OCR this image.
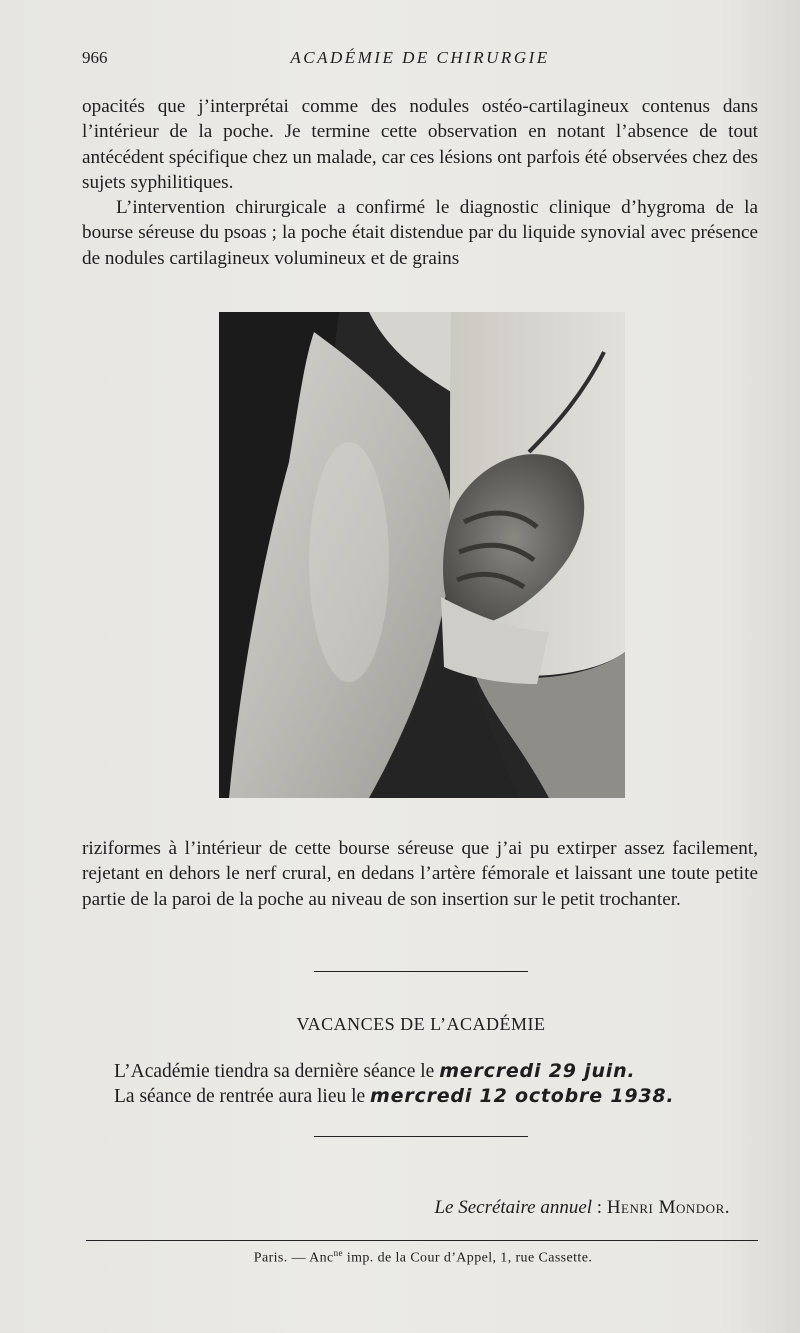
966	ACADÉMIE DE CHIRURGIE

opacités que j’interprétai comme des nodules ostéo-cartilagineux contenus dans l’intérieur de la poche. Je termine cette observation en notant l’absence de tout antécédent spécifique chez un malade, car ces lésions ont parfois été observées chez des sujets syphilitiques.

L’intervention chirurgicale a confirmé le diagnostic clinique d’hygroma de la bourse séreuse du psoas ; la poche était distendue par du liquide synovial avec présence de nodules cartilagineux volumineux et de grains

riziformes à l’intérieur de cette bourse séreuse que j’ai pu extirper assez facilement, rejetant en dehors le nerf crural, en dedans l’artère fémorale et laissant une toute petite partie de la paroi de la poche au niveau de son insertion sur le petit trochanter.

VACANCES DE L’ACADÉMIE
L’Académie tiendra sa dernière séance le mercredi 29 juin.
La séance de rentrée aura lieu le mercredi 12 octobre 1938.
Le Secrétaire annuel : Henri Mondor.
Paris. — Anc$^{ne}$ imp. de la Cour d’Appel, 1, rue Cassette.
